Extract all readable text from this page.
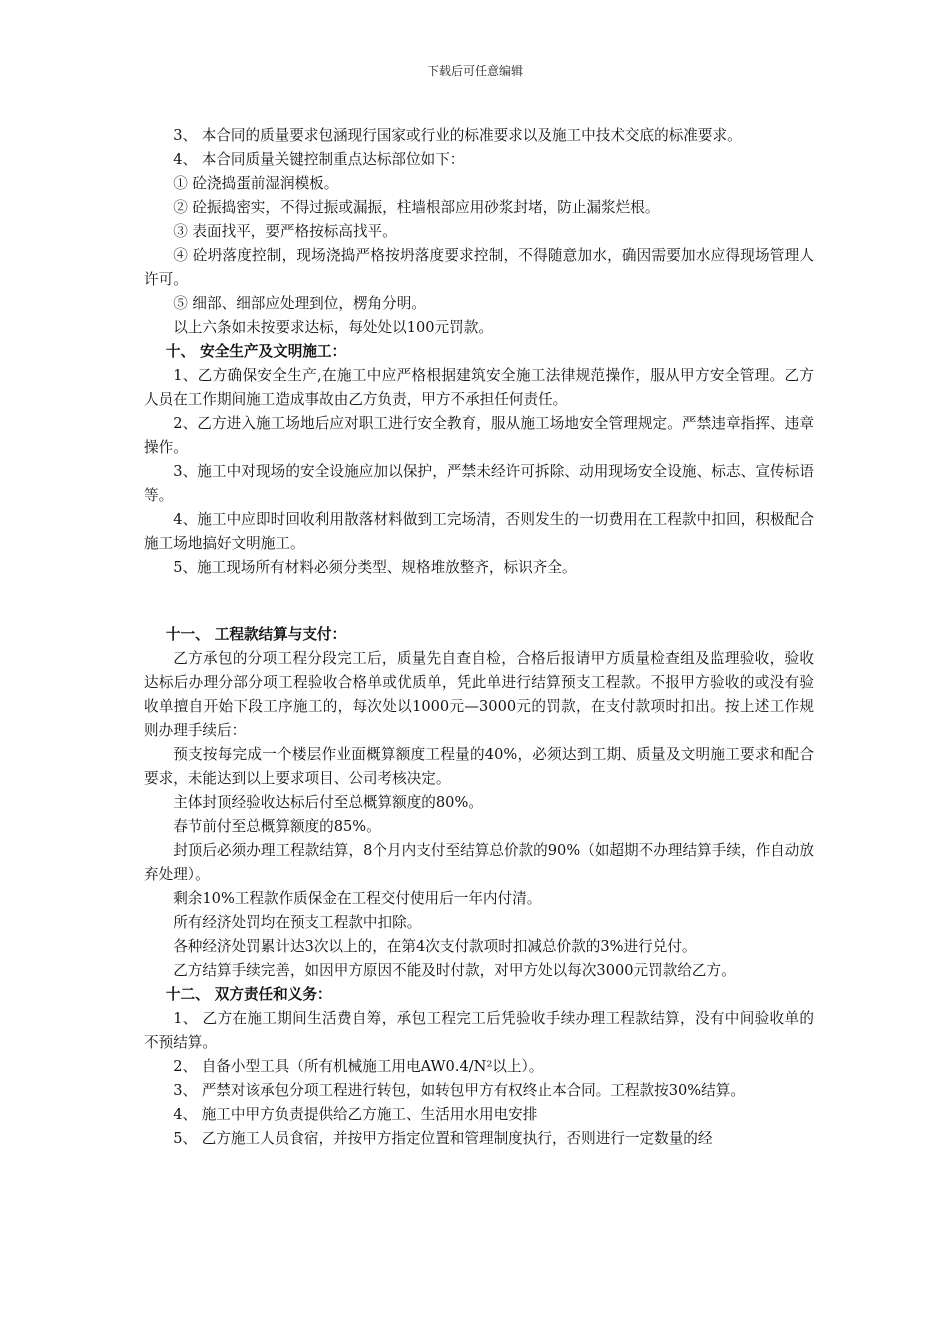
下载后可任意编辑

3、 本合同的质量要求包涵现行国家或行业的标准要求以及施工中技术交底的标准要求。

4、 本合同质量关键控制重点达标部位如下：

① 砼浇捣蛋前湿润模板。

② 砼振捣密实，不得过振或漏振，柱墙根部应用砂浆封堵，防止漏浆烂根。

③ 表面找平，要严格按标高找平。

④ 砼坍落度控制，现场浇捣严格按坍落度要求控制，不得随意加水，确因需要加水应得现场管理人许可。

⑤ 细部、细部应处理到位，楞角分明。

以上六条如未按要求达标，每处处以100元罚款。

十、 安全生产及文明施工：

1、乙方确保安全生产,在施工中应严格根据建筑安全施工法律规范操作，服从甲方安全管理。乙方人员在工作期间施工造成事故由乙方负责，甲方不承担任何责任。

2、乙方进入施工场地后应对职工进行安全教育，服从施工场地安全管理规定。严禁违章指挥、违章操作。

3、施工中对现场的安全设施应加以保护，严禁未经许可拆除、动用现场安全设施、标志、宣传标语等。

4、施工中应即时回收利用散落材料做到工完场清，否则发生的一切费用在工程款中扣回，积极配合施工场地搞好文明施工。

5、施工现场所有材料必须分类型、规格堆放整齐，标识齐全。

十一、 工程款结算与支付：

乙方承包的分项工程分段完工后，质量先自查自检，合格后报请甲方质量检查组及监理验收，验收达标后办理分部分项工程验收合格单或优质单，凭此单进行结算预支工程款。不报甲方验收的或没有验收单擅自开始下段工序施工的，每次处以1000元—3000元的罚款，在支付款项时扣出。按上述工作规则办理手续后：

预支按每完成一个楼层作业面概算额度工程量的40%，必须达到工期、质量及文明施工要求和配合要求，未能达到以上要求项目、公司考核决定。

主体封顶经验收达标后付至总概算额度的80%。

春节前付至总概算额度的85%。

封顶后必须办理工程款结算，8个月内支付至结算总价款的90%（如超期不办理结算手续，作自动放弃处理）。

剩余10%工程款作质保金在工程交付使用后一年内付清。

所有经济处罚均在预支工程款中扣除。

各种经济处罚累计达3次以上的，在第4次支付款项时扣减总价款的3%进行兑付。

乙方结算手续完善，如因甲方原因不能及时付款，对甲方处以每次3000元罚款给乙方。

十二、 双方责任和义务：

1、 乙方在施工期间生活费自筹，承包工程完工后凭验收手续办理工程款结算，没有中间验收单的不预结算。

2、 自备小型工具（所有机械施工用电AW0.4/N²以上）。

3、 严禁对该承包分项工程进行转包，如转包甲方有权终止本合同。工程款按30%结算。

4、 施工中甲方负责提供给乙方施工、生活用水用电安排

5、 乙方施工人员食宿，并按甲方指定位置和管理制度执行，否则进行一定数量的经
